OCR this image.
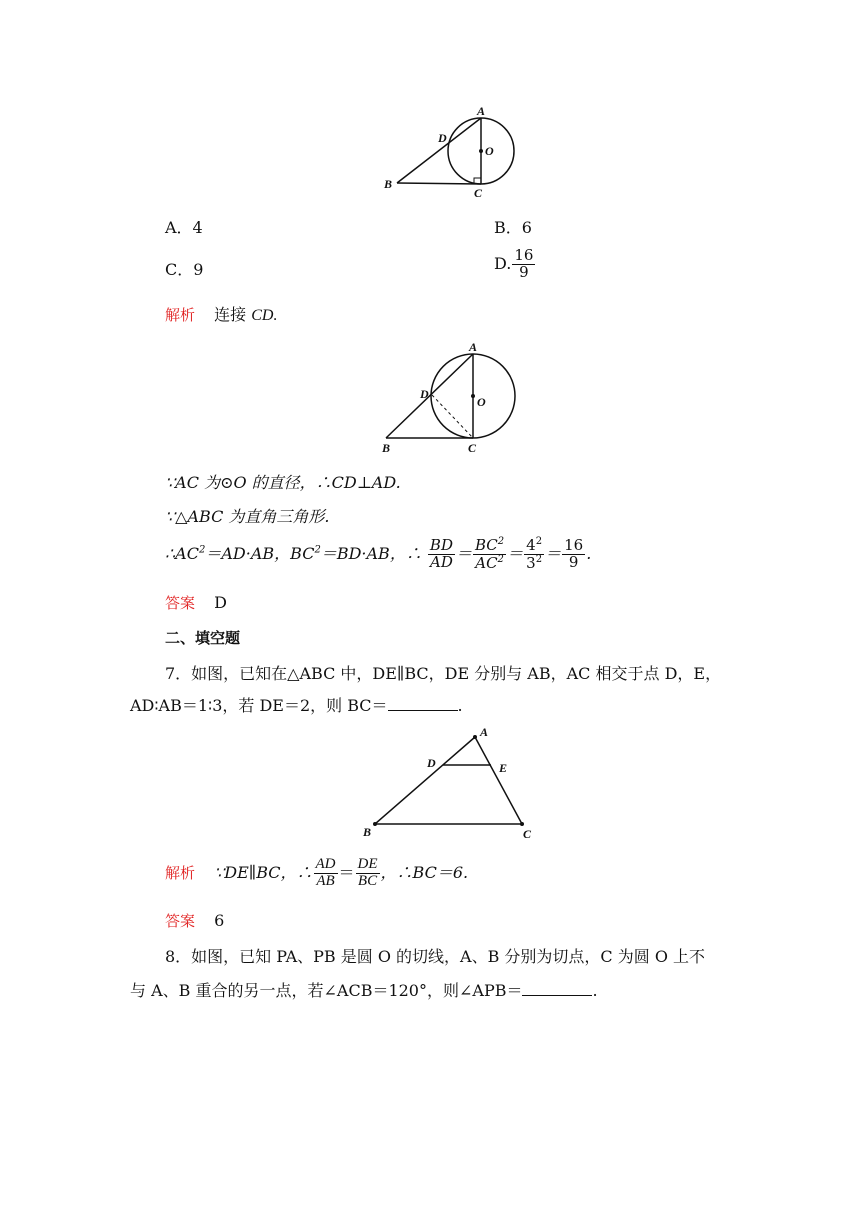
A
D
O
B
C
A．4	B．6
C．9	D. $\frac{16}{9}$
解析 连接 CD.
A
D
O
B	C
∵AC 为⊙O 的直径，∴CD⊥AD.
∵△ABC 为直角三角形.
$\therefore AC^2=AD\cdot AB$，$BC^2=BD\cdot AB$，∴ $\frac{BD}{AD} = \frac{BC^2}{AC^2} = \frac{4^2}{3^2} = \frac{16}{9}$ .
答案 D
二、填空题
7．如图，已知在△ABC 中，DE∥BC，DE 分别与 AB，AC 相交于点 D，E，
AD∶AB＝1∶3，若 DE＝2，则 BC＝	.
A
D	E
B	C
解析 ∵DE∥BC，∴ $\frac{AD}{AB} = \frac{DE}{BC}$ ，∴BC＝6.
答案 6
8．如图，已知 PA、PB 是圆 O 的切线，A、B 分别为切点，C 为圆 O 上不
与 A、B 重合的另一点，若∠ACB＝120°，则∠APB＝	.
